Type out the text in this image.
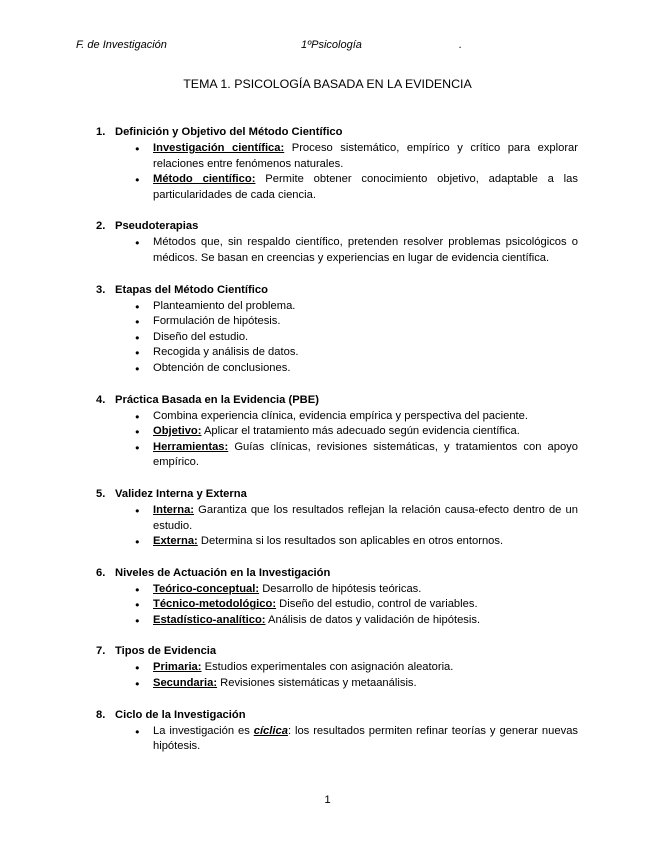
F. de Investigación	1ºPsicología	.
TEMA 1. PSICOLOGÍA BASADA EN LA EVIDENCIA
1. Definición y Objetivo del Método Científico
● Investigación científica: Proceso sistemático, empírico y crítico para explorar relaciones entre fenómenos naturales.
● Método científico: Permite obtener conocimiento objetivo, adaptable a las particularidades de cada ciencia.
2. Pseudoterapias
● Métodos que, sin respaldo científico, pretenden resolver problemas psicológicos o médicos. Se basan en creencias y experiencias en lugar de evidencia científica.
3. Etapas del Método Científico
● Planteamiento del problema.
● Formulación de hipótesis.
● Diseño del estudio.
● Recogida y análisis de datos.
● Obtención de conclusiones.
4. Práctica Basada en la Evidencia (PBE)
● Combina experiencia clínica, evidencia empírica y perspectiva del paciente.
● Objetivo: Aplicar el tratamiento más adecuado según evidencia científica.
● Herramientas: Guías clínicas, revisiones sistemáticas, y tratamientos con apoyo empírico.
5. Validez Interna y Externa
● Interna: Garantiza que los resultados reflejan la relación causa-efecto dentro de un estudio.
● Externa: Determina si los resultados son aplicables en otros entornos.
6. Niveles de Actuación en la Investigación
● Teórico-conceptual: Desarrollo de hipótesis teóricas.
● Técnico-metodológico: Diseño del estudio, control de variables.
● Estadístico-analítico: Análisis de datos y validación de hipótesis.
7. Tipos de Evidencia
● Primaria: Estudios experimentales con asignación aleatoria.
● Secundaria: Revisiones sistemáticas y metaanálisis.
8. Ciclo de la Investigación
● La investigación es cíclica: los resultados permiten refinar teorías y generar nuevas hipótesis.
1
